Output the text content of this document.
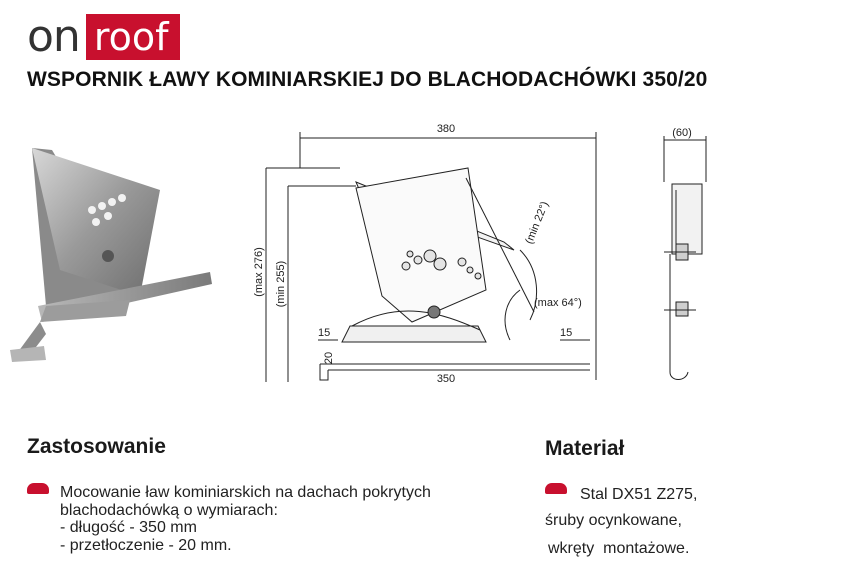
on roof
WSPORNIK ŁAWY KOMINIARSKIEJ DO BLACHODACHÓWKI 350/20
380
(max 276) (min 255)
(min 22°)
(max 64°)
15	15
20
350
(60)
Zastosowanie
Mocowanie ław kominiarskich na dachach pokrytych
blachodachówką o wymiarach:
- długość - 350 mm
- przetłoczenie - 20 mm.
Materiał
Stal DX51 Z275,
śruby ocynkowane,
wkręty  montażowe.
